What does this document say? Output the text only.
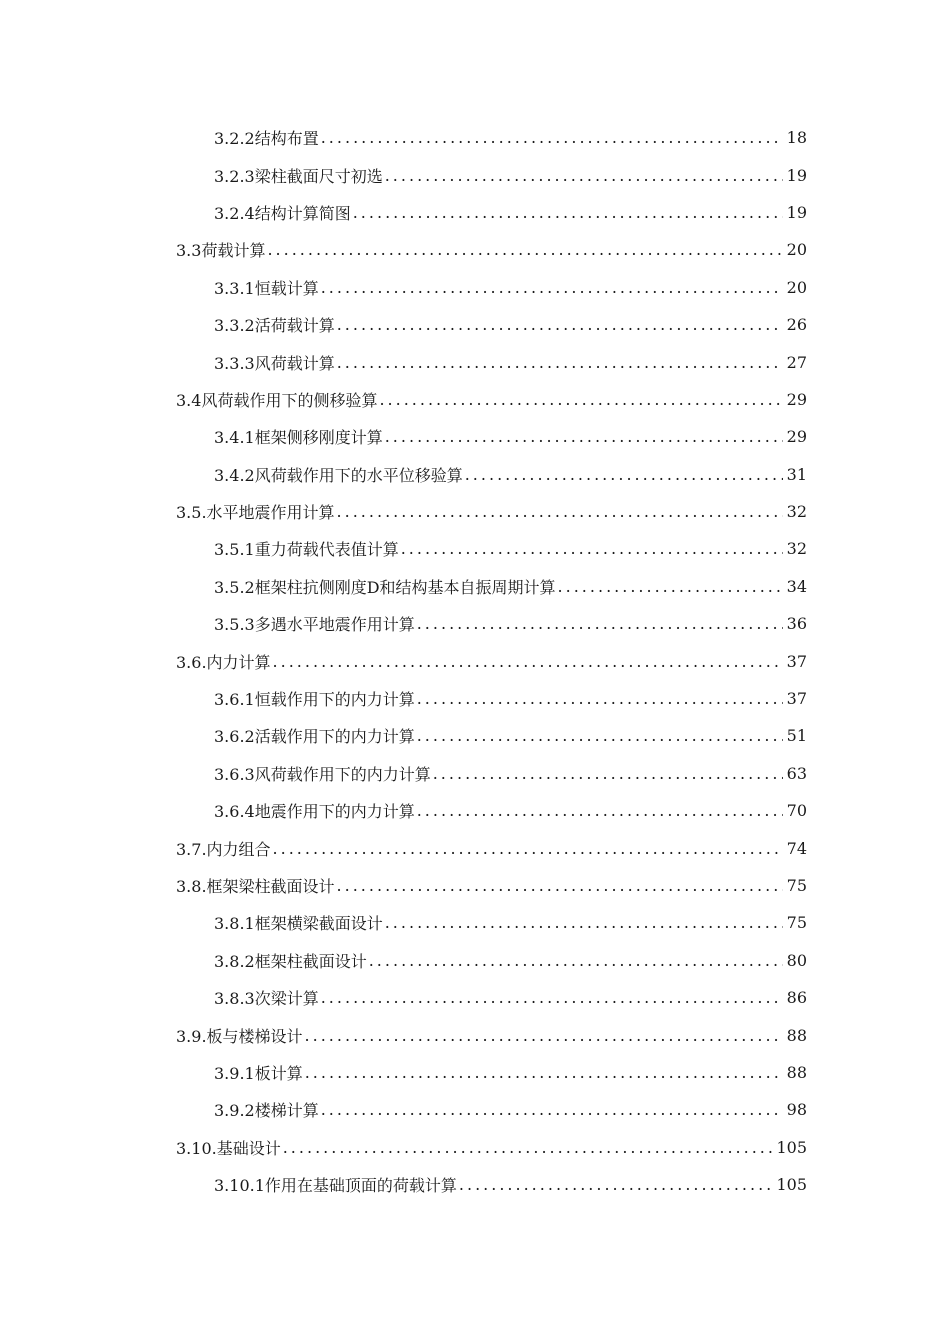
3.2.2结构布置 .....	18
3.2.3梁柱截面尺寸初选 .....	19
3.2.4结构计算简图 .....	19
3.3荷载计算 .....	20
3.3.1恒载计算 .....	20
3.3.2活荷载计算 .....	26
3.3.3风荷载计算 .....	27
3.4风荷载作用下的侧移验算 .....	29
3.4.1框架侧移刚度计算 .....	29
3.4.2风荷载作用下的水平位移验算 .....	31
3.5.水平地震作用计算 .....	32
3.5.1重力荷载代表值计算 .....	32
3.5.2框架柱抗侧刚度D和结构基本自振周期计算 .....	34
3.5.3多遇水平地震作用计算 .....	36
3.6.内力计算 .....	37
3.6.1恒载作用下的内力计算 .....	37
3.6.2活载作用下的内力计算 .....	51
3.6.3风荷载作用下的内力计算 .....	63
3.6.4地震作用下的内力计算 .....	70
3.7.内力组合 .....	74
3.8.框架梁柱截面设计 .....	75
3.8.1框架横梁截面设计 .....	75
3.8.2框架柱截面设计 .....	80
3.8.3次梁计算 .....	86
3.9.板与楼梯设计 .....	88
3.9.1板计算 .....	88
3.9.2楼梯计算 .....	98
3.10.基础设计 .....	105
3.10.1作用在基础顶面的荷载计算 .....	105
